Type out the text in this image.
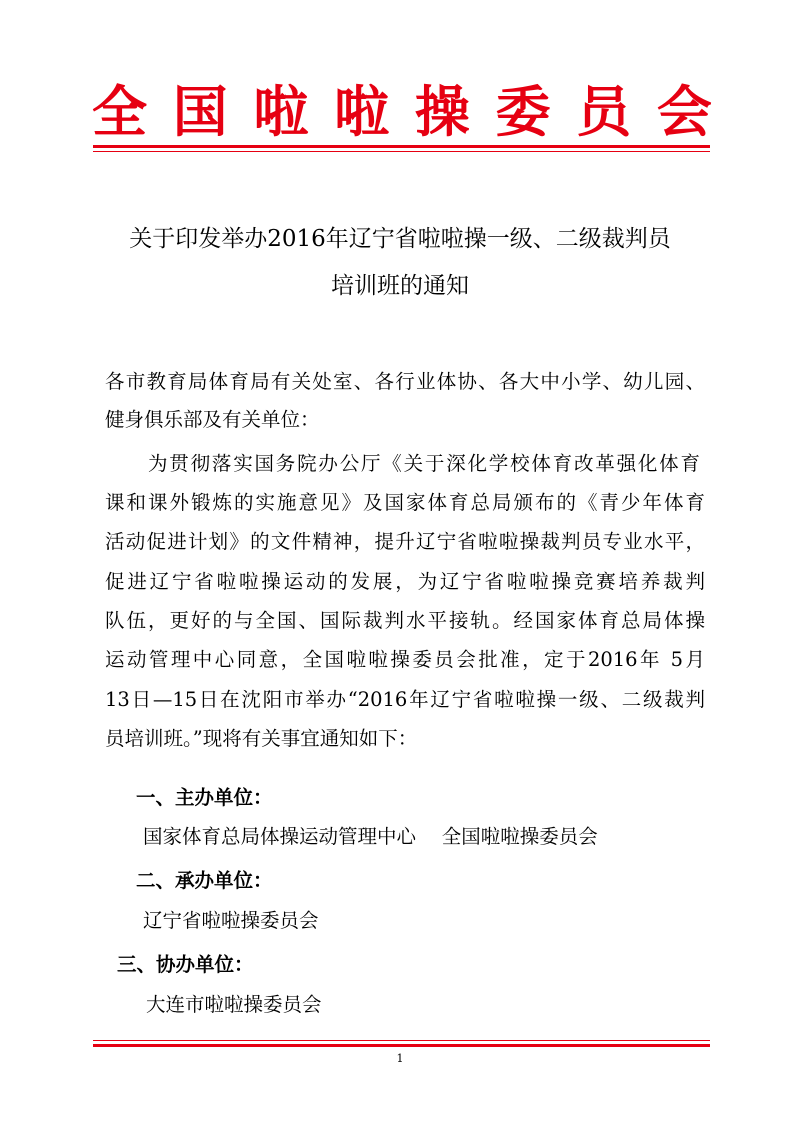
全 国 啦 啦 操 委 员 会
关于印发举办2016年辽宁省啦啦操一级、二级裁判员
培训班的通知
各市教育局体育局有关处室、各行业体协、各大中小学、幼儿园、
健身俱乐部及有关单位：
为贯彻落实国务院办公厅《关于深化学校体育改革强化体育
课和课外锻炼的实施意见》及国家体育总局颁布的《青少年体育
活动促进计划》的文件精神，提升辽宁省啦啦操裁判员专业水平，
促进辽宁省啦啦操运动的发展，为辽宁省啦啦操竞赛培养裁判
队伍，更好的与全国、国际裁判水平接轨。经国家体育总局体操
运动管理中心同意，全国啦啦操委员会批准，定于2016年 5月
13日—15日在沈阳市举办“2016年辽宁省啦啦操一级、二级裁判
员培训班。”现将有关事宜通知如下：
一、主办单位：
国家体育总局体操运动管理中心　 全国啦啦操委员会
二、承办单位：
辽宁省啦啦操委员会
三、协办单位：
大连市啦啦操委员会
1
